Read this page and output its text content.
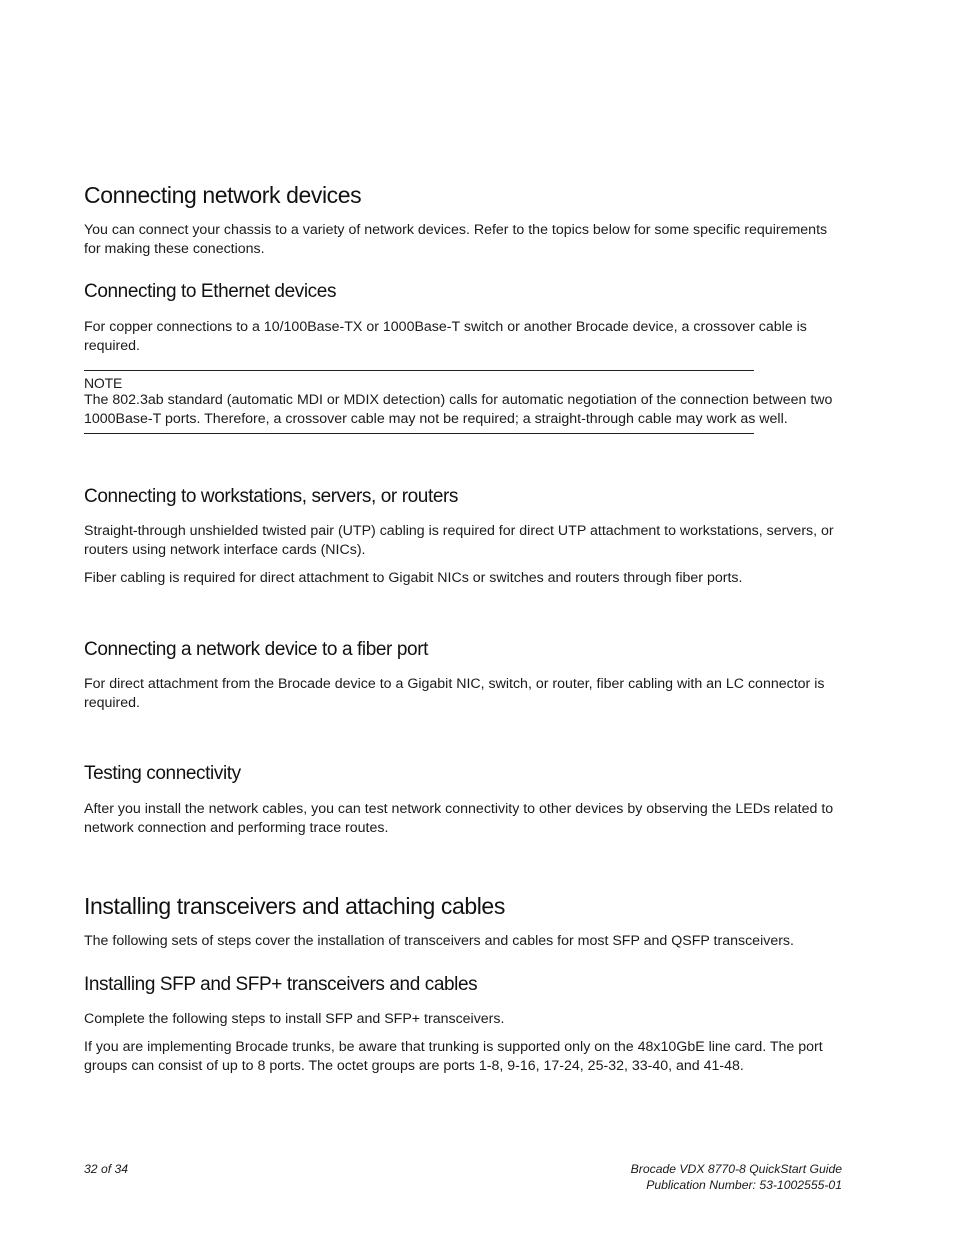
Connecting network devices

You can connect your chassis to a variety of network devices. Refer to the topics below for some specific requirements for making these conections.

Connecting to Ethernet devices

For copper connections to a 10/100Base-TX or 1000Base-T switch or another Brocade device, a crossover cable is required.

NOTE

The 802.3ab standard (automatic MDI or MDIX detection) calls for automatic negotiation of the connection between two 1000Base-T ports. Therefore, a crossover cable may not be required; a straight-through cable may work as well.

Connecting to workstations, servers, or routers

Straight-through unshielded twisted pair (UTP) cabling is required for direct UTP attachment to workstations, servers, or routers using network interface cards (NICs).

Fiber cabling is required for direct attachment to Gigabit NICs or switches and routers through fiber ports.

Connecting a network device to a fiber port

For direct attachment from the Brocade device to a Gigabit NIC, switch, or router, fiber cabling with an LC connector is required.

Testing connectivity

After you install the network cables, you can test network connectivity to other devices by observing the LEDs related to network connection and performing trace routes.

Installing transceivers and attaching cables

The following sets of steps cover the installation of transceivers and cables for most SFP and QSFP transceivers.

Installing SFP and SFP+ transceivers and cables

Complete the following steps to install SFP and SFP+ transceivers.

If you are implementing Brocade trunks, be aware that trunking is supported only on the 48x10GbE line card. The port groups can consist of up to 8 ports. The octet groups are ports 1-8, 9-16, 17-24, 25-32, 33-40, and 41-48.

32 of 34	Brocade VDX 8770-8 QuickStart Guide
Publication Number: 53-1002555-01
